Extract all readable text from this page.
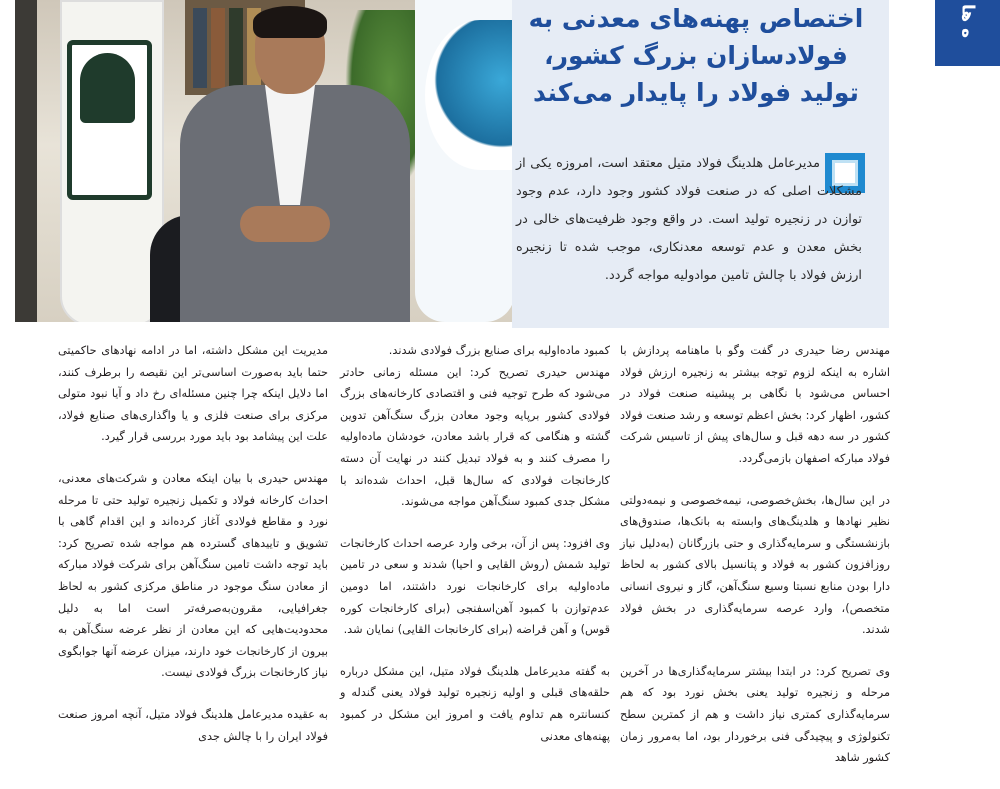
اختصاص پهنه‌های معدنی به فولادسازان بزرگ کشور، تولید فولاد را پایدار می‌کند
مدیرعامل هلدینگ فولاد متیل معتقد است، امروزه یکی از مشکلات اصلی که در صنعت فولاد کشور وجود دارد، عدم وجود توازن در زنجیره تولید است. در واقع وجود ظرفیت‌های خالی در بخش معدن و عدم توسعه معدنکاری، موجب شده تا زنجیره ارزش فولاد با چالش تامین موادولیه مواجه گردد.
ه ها

مهندس رضا حیدری در گفت وگو با ماهنامه پردازش با اشاره به اینکه لزوم توجه بیشتر به زنجیره ارزش فولاد احساس می‌شود با نگاهی بر پیشینه صنعت فولاد در کشور، اظهار کرد: بخش اعظم توسعه و رشد صنعت فولاد کشور در سه دهه قبل و سال‌های پیش از تاسیس شرکت فولاد مبارکه اصفهان بازمی‌گردد.

در این سال‌ها، بخش‌خصوصی، نیمه‌خصوصی و نیمه‌دولتی نظیر نهادها و هلدینگ‌های وابسته به بانک‌ها، صندوق‌های بازنشستگی و سرمایه‌گذاری و حتی بازرگانان (به‌دلیل نیاز روزافزون کشور به فولاد و پتانسیل بالای کشور به لحاظ دارا بودن منابع نسبتا وسیع سنگ‌آهن، گاز و نیروی انسانی متخصص)، وارد عرصه سرمایه‌گذاری در بخش فولاد شدند.

وی تصریح کرد: در ابتدا بیشتر سرمایه‌گذاری‌ها در آخرین مرحله و زنجیره تولید یعنی بخش نورد بود که هم سرمایه‌گذاری کمتری نیاز داشت و هم از کمترین سطح تکنولوژی و پیچیدگی فنی برخوردار بود، اما به‌مرور زمان کشور شاهد

کمبود ماده‌اولیه برای صنایع بزرگ فولادی شدند.

مهندس حیدری تصریح کرد: این مسئله زمانی حادتر می‌شود که طرح توجیه فنی و اقتصادی کارخانه‌های بزرگ فولادی کشور برپایه وجود معادن بزرگ سنگ‌آهن تدوین گشته و هنگامی که قرار باشد معادن، خودشان ماده‌اولیه را مصرف کنند و به فولاد تبدیل کنند در نهایت آن دسته کارخانجات فولادی که سال‌ها قبل، احداث شده‌اند با مشکل جدی کمبود سنگ‌آهن مواجه می‌شوند.

وی افزود: پس از آن، برخی وارد عرصه احداث کارخانجات تولید شمش (روش القایی و احیا) شدند و سعی در تامین ماده‌اولیه برای کارخانجات نورد داشتند، اما دومین عدم‌توازن با کمبود آهن‌اسفنجی (برای کارخانجات کوره قوس) و آهن قراضه (برای کارخانجات القایی) نمایان شد.

به گفته مدیرعامل هلدینگ فولاد متیل، این مشکل درباره حلقه‌های قبلی و اولیه زنجیره تولید فولاد یعنی گندله و کنسانتره هم تداوم یافت و امروز این مشکل در کمبود پهنه‌های معدنی

مدیریت این مشکل داشته، اما در ادامه نهادهای حاکمیتی حتما باید به‌صورت اساسی‌تر این نقیصه را برطرف کنند، اما دلایل اینکه چرا چنین مسئله‌ای رخ داد و آیا نبود متولی مرکزی برای صنعت فلزی و یا واگذاری‌های صنایع فولاد، علت این پیشامد بود باید مورد بررسی قرار گیرد.

مهندس حیدری با بیان اینکه معادن و شرکت‌های معدنی، احداث کارخانه فولاد و تکمیل زنجیره تولید حتی تا مرحله نورد و مقاطع فولادی آغاز کرده‌اند و این اقدام گاهی با تشویق و تاییدهای گسترده هم مواجه شده تصریح کرد: باید توجه داشت تامین سنگ‌آهن برای شرکت فولاد مبارکه از معادن سنگ موجود در مناطق مرکزی کشور به لحاظ جغرافیایی، مقرون‌به‌صرفه‌تر است اما به دلیل محدودیت‌هایی که این معادن از نظر عرضه سنگ‌آهن به بیرون از کارخانجات خود دارند، میزان عرضه آنها جوابگوی نیاز کارخانجات بزرگ فولادی نیست.

به عقیده مدیرعامل هلدینگ فولاد متیل، آنچه امروز صنعت فولاد ایران را با چالش جدی
